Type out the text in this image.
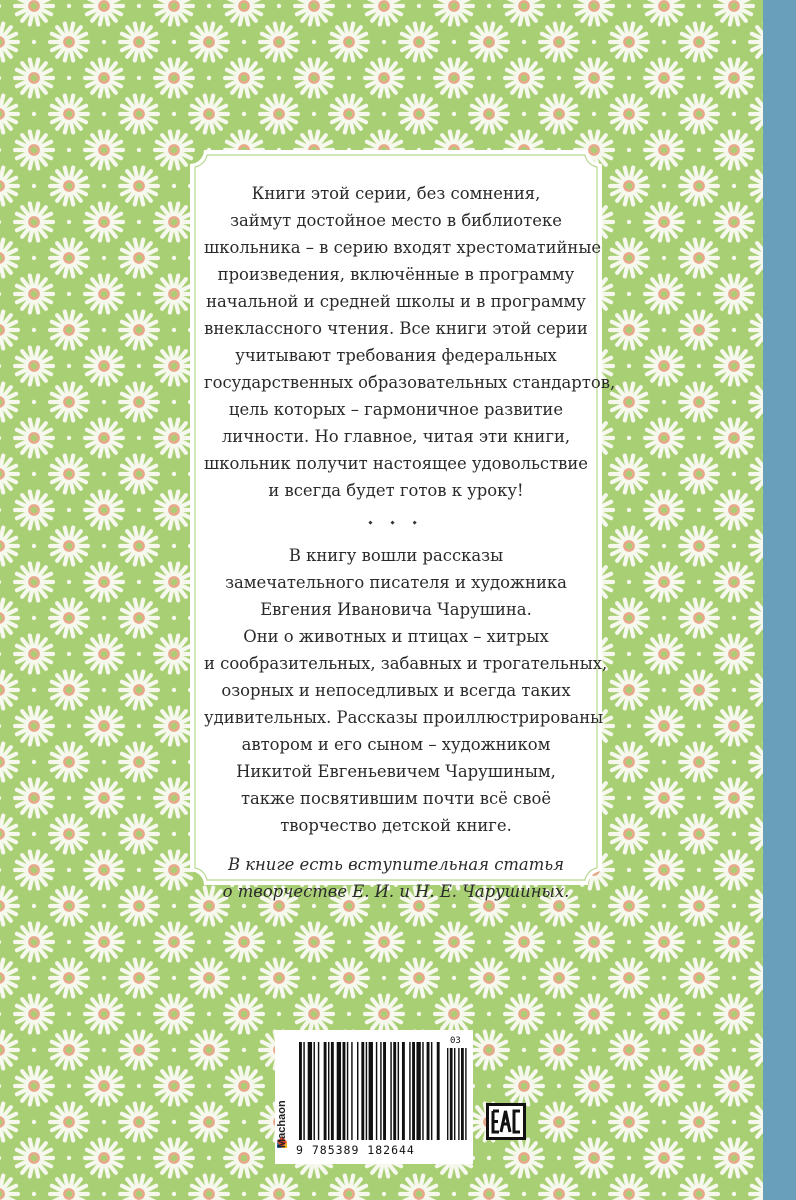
Книги этой серии, без сомнения,
займут достойное место в библиотеке
школьника – в серию входят хрестоматийные
произведения, включённые в программу
начальной и средней школы и в программу
внеклассного чтения. Все книги этой серии
учитывают требования федеральных
государственных образовательных стандартов,
цель которых – гармоничное развитие
личности. Но главное, читая эти книги,
школьник получит настоящее удовольствие
и всегда будет готов к уроку!

⬩ ⬩ ⬩

В книгу вошли рассказы
замечательного писателя и художника
Евгения Ивановича Чарушина.
Они о животных и птицах – хитрых
и сообразительных, забавных и трогательных,
озорных и непоседливых и всегда таких
удивительных. Рассказы проиллюстрированы
автором и его сыном – художником
Никитой Евгеньевичем Чарушиным,
также посвятившим почти всё своё
творчество детской книге.

В книге есть вступительная статья
о творчестве Е. И. и Н. Е. Чарушиных.

Machaon
03
9 785389 182644
